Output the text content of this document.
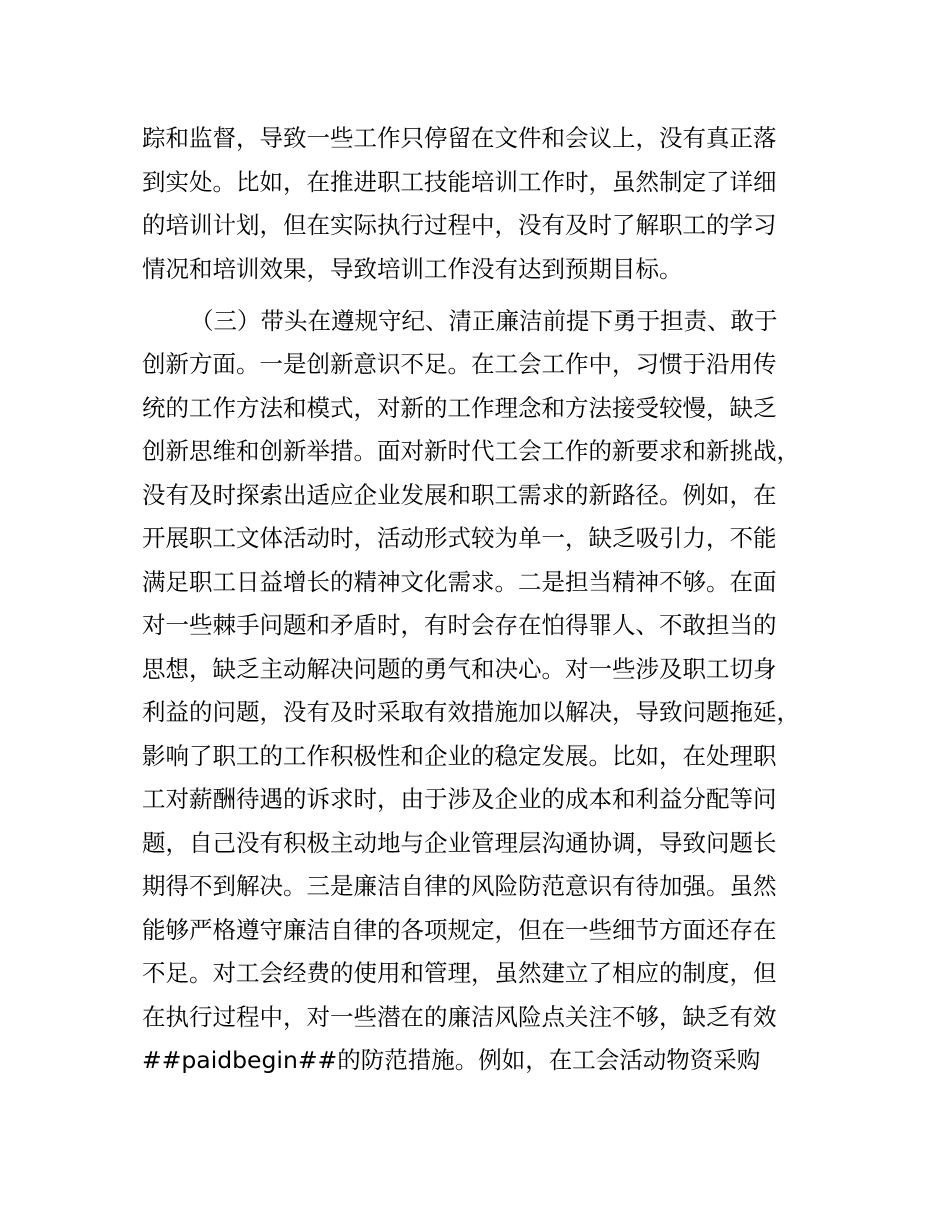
踪和监督，导致一些工作只停留在文件和会议上，没有真正落
到实处。比如，在推进职工技能培训工作时，虽然制定了详细
的培训计划，但在实际执行过程中，没有及时了解职工的学习
情况和培训效果，导致培训工作没有达到预期目标。
（三）带头在遵规守纪、清正廉洁前提下勇于担责、敢于
创新方面。一是创新意识不足。在工会工作中，习惯于沿用传
统的工作方法和模式，对新的工作理念和方法接受较慢，缺乏
创新思维和创新举措。面对新时代工会工作的新要求和新挑战，
没有及时探索出适应企业发展和职工需求的新路径。例如，在
开展职工文体活动时，活动形式较为单一，缺乏吸引力，不能
满足职工日益增长的精神文化需求。二是担当精神不够。在面
对一些棘手问题和矛盾时，有时会存在怕得罪人、不敢担当的
思想，缺乏主动解决问题的勇气和决心。对一些涉及职工切身
利益的问题，没有及时采取有效措施加以解决，导致问题拖延，
影响了职工的工作积极性和企业的稳定发展。比如，在处理职
工对薪酬待遇的诉求时，由于涉及企业的成本和利益分配等问
题，自己没有积极主动地与企业管理层沟通协调，导致问题长
期得不到解决。三是廉洁自律的风险防范意识有待加强。虽然
能够严格遵守廉洁自律的各项规定，但在一些细节方面还存在
不足。对工会经费的使用和管理，虽然建立了相应的制度，但
在执行过程中，对一些潜在的廉洁风险点关注不够，缺乏有效
##paidbegin##的防范措施。例如，在工会活动物资采购
